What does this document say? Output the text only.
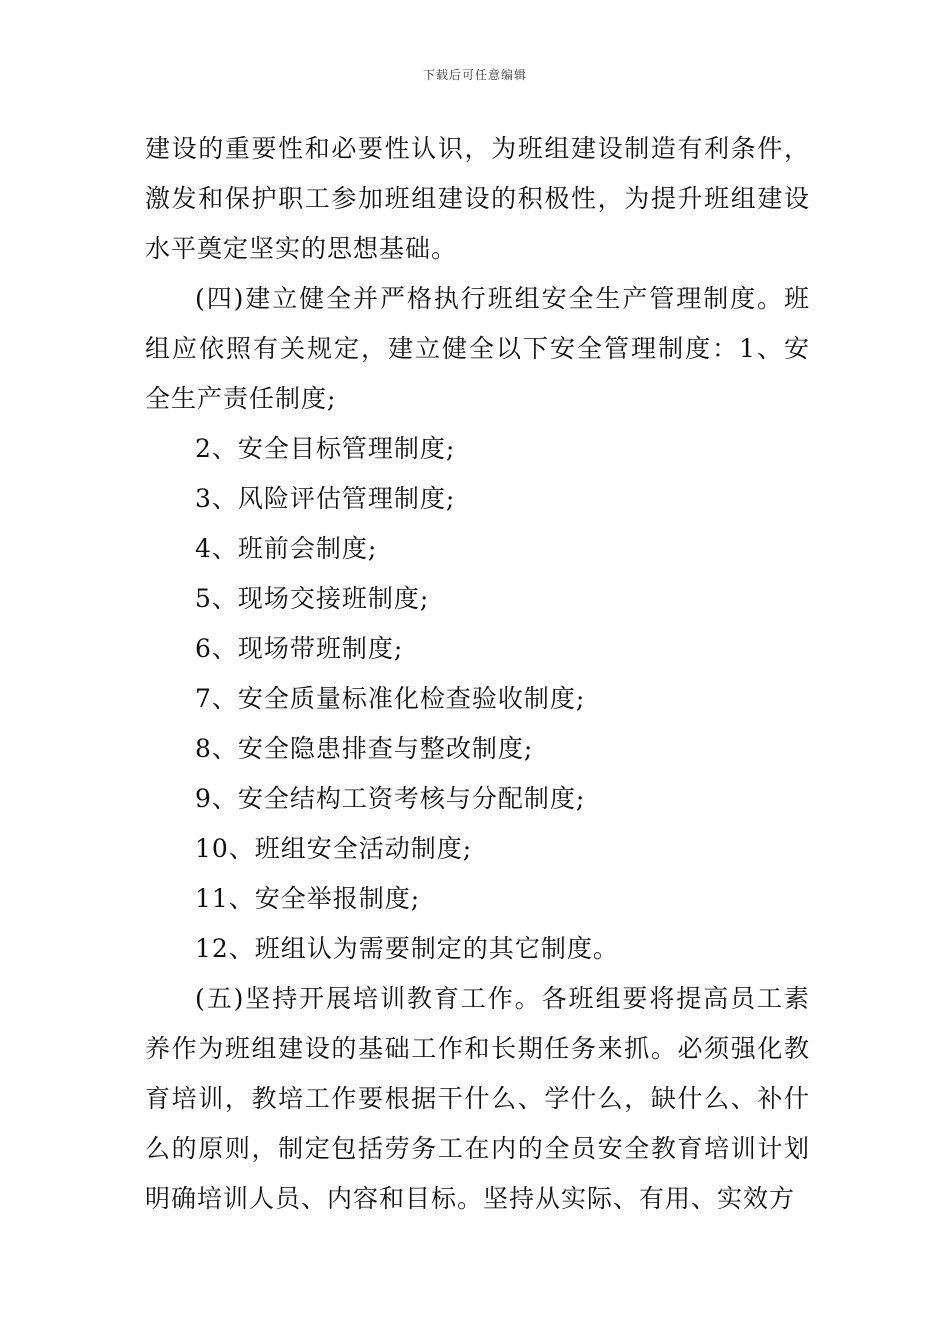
下载后可任意编辑

建设的重要性和必要性认识，为班组建设制造有利条件，激发和保护职工参加班组建设的积极性，为提升班组建设水平奠定坚实的思想基础。

(四)建立健全并严格执行班组安全生产管理制度。班组应依照有关规定，建立健全以下安全管理制度：1、安全生产责任制度;

2、安全目标管理制度;

3、风险评估管理制度;

4、班前会制度;

5、现场交接班制度;

6、现场带班制度;

7、安全质量标准化检查验收制度;

8、安全隐患排查与整改制度;

9、安全结构工资考核与分配制度;

10、班组安全活动制度;

11、安全举报制度;

12、班组认为需要制定的其它制度。

(五)坚持开展培训教育工作。各班组要将提高员工素养作为班组建设的基础工作和长期任务来抓。必须强化教育培训，教培工作要根据干什么、学什么，缺什么、补什么的原则，制定包括劳务工在内的全员安全教育培训计划明确培训人员、内容和目标。坚持从实际、有用、实效方
